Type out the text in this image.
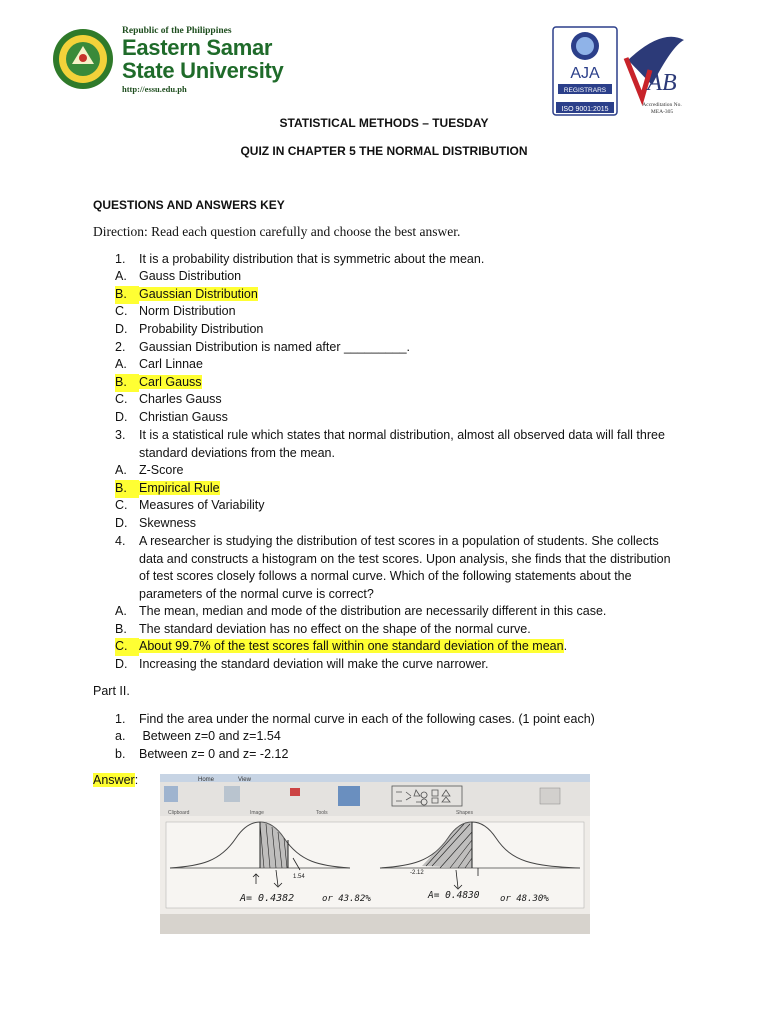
Republic of the Philippines
Eastern Samar
State University
http://essu.edu.ph
AJA
REGISTRARS
ISO 9001:2015
AB
Accreditation No.
MEA-305
STATISTICAL METHODS – TUESDAY
QUIZ IN CHAPTER 5 THE NORMAL DISTRIBUTION
QUESTIONS AND ANSWERS KEY
Direction: Read each question carefully and choose the best answer.
1. It is a probability distribution that is symmetric about the mean.
A. Gauss Distribution
B. Gaussian Distribution
C. Norm Distribution
D. Probability Distribution
2. Gaussian Distribution is named after _________.
A. Carl Linnae
B. Carl Gauss
C. Charles Gauss
D. Christian Gauss
3. It is a statistical rule which states that normal distribution, almost all observed data will fall three standard deviations from the mean.
A. Z-Score
B. Empirical Rule
C. Measures of Variability
D. Skewness
4. A researcher is studying the distribution of test scores in a population of students. She collects data and constructs a histogram on the test scores. Upon analysis, she finds that the distribution of test scores closely follows a normal curve. Which of the following statements about the parameters of the normal curve is correct?
A. The mean, median and mode of the distribution are necessarily different in this case.
B. The standard deviation has no effect on the shape of the normal curve.
C. About 99.7% of the test scores fall within one standard deviation of the mean.
D. Increasing the standard deviation will make the curve narrower.
Part II.
1. Find the area under the normal curve in each of the following cases. (1 point each)
a. Between z=0 and z=1.54
b. Between z= 0 and z= -2.12
Answer:	Home	View
Clipboard	Image	Tools	Shapes
1.54
-2.12
A= 0.4382	or 43.82%	A= 0.4830 or 48.30%
